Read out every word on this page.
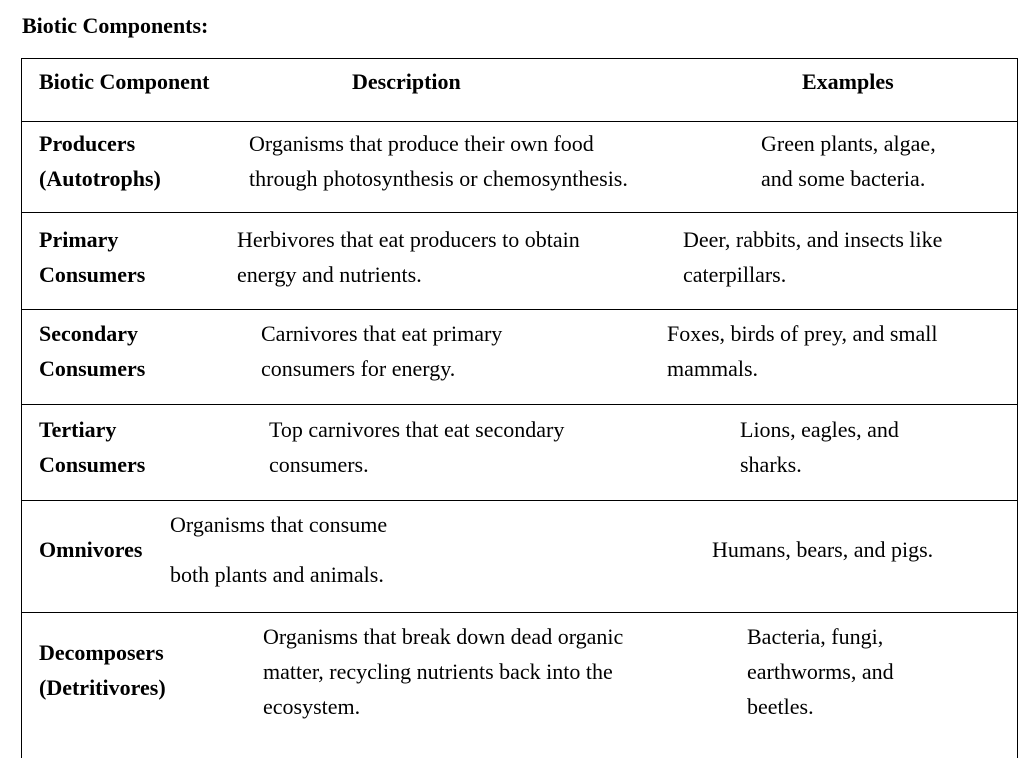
Biotic Components:
Biotic Component	Description	Examples
Producers
(Autotrophs)
Organisms that produce their own food
through photosynthesis or chemosynthesis.
Green plants, algae,
and some bacteria.
Primary
Consumers
Herbivores that eat producers to obtain
energy and nutrients.
Deer, rabbits, and insects like
caterpillars.
Secondary
Consumers
Carnivores that eat primary
consumers for energy.
Foxes, birds of prey, and small
mammals.
Tertiary
Consumers
Top carnivores that eat secondary
consumers.
Lions, eagles, and
sharks.
Omnivores
Organisms that consume
both plants and animals.
Humans, bears, and pigs.
Decomposers
(Detritivores)
Organisms that break down dead organic
matter, recycling nutrients back into the
ecosystem.
Bacteria, fungi,
earthworms, and
beetles.
